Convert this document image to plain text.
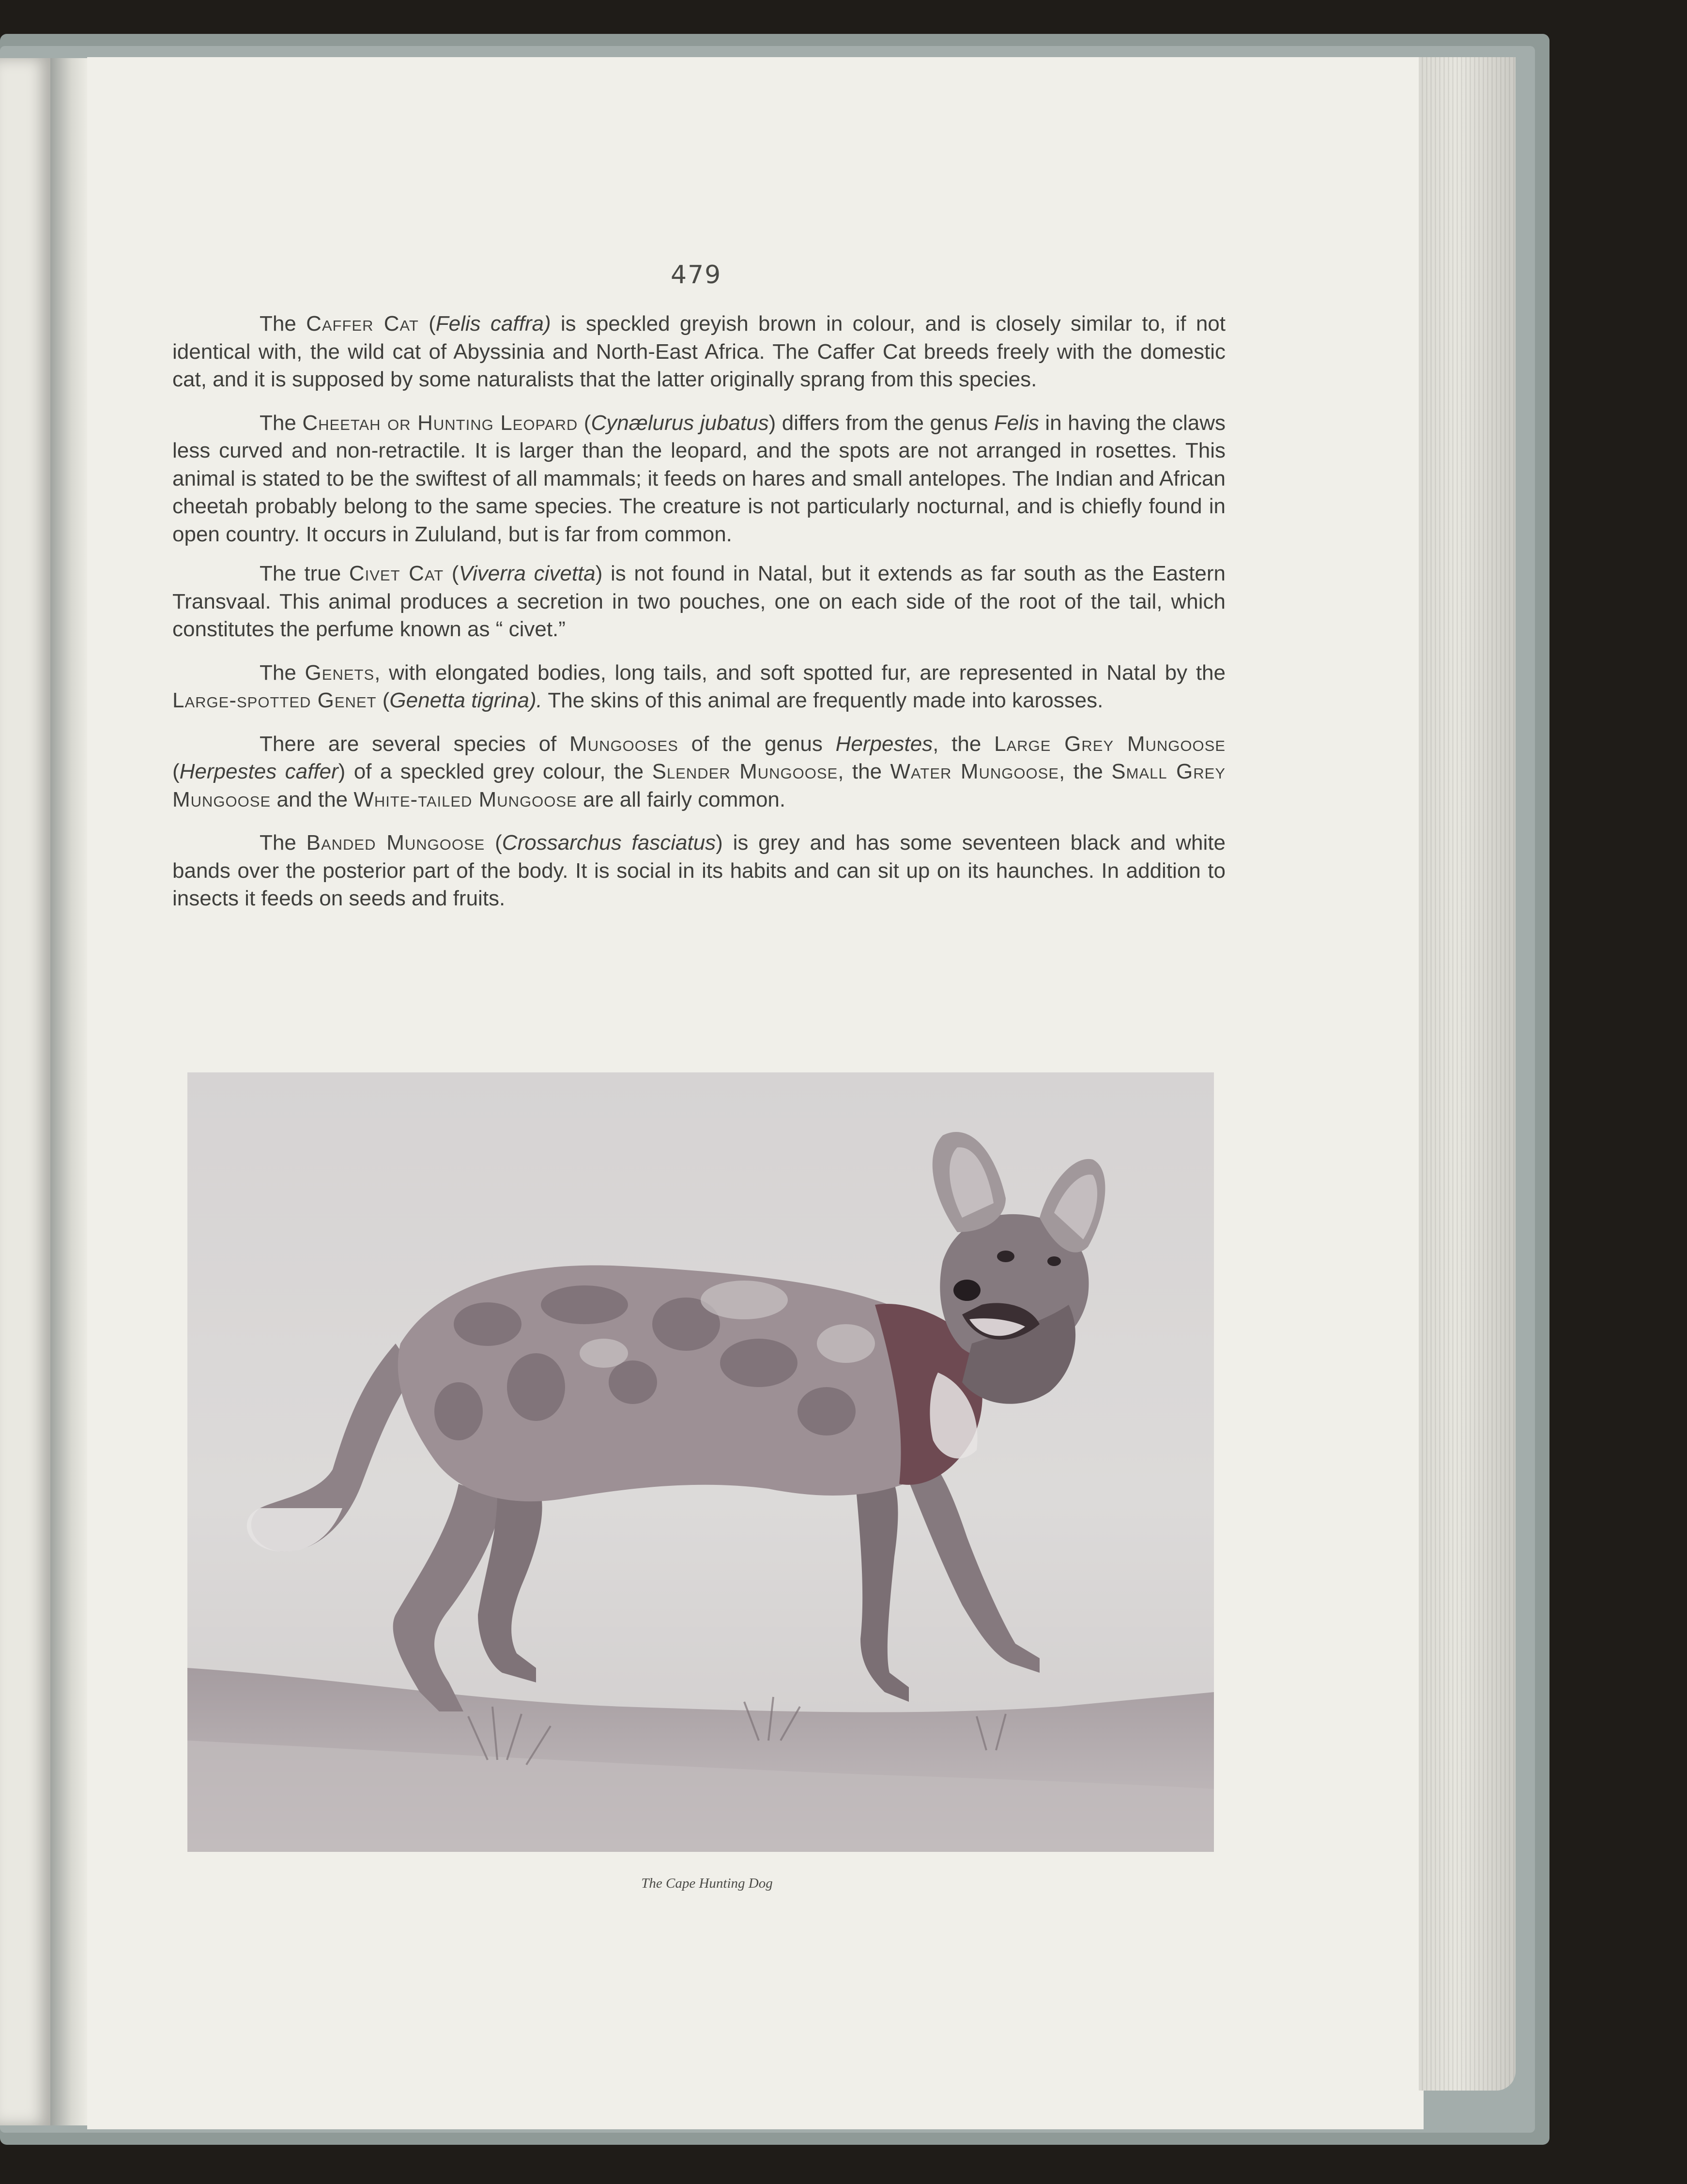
479

The Caffer Cat (Felis caffra) is speckled greyish brown in colour, and is closely similar to, if not identical with, the wild cat of Abyssinia and North-East Africa. The Caffer Cat breeds freely with the domestic cat, and it is supposed by some naturalists that the latter originally sprang from this species.

The Cheetah or Hunting Leopard (Cynælurus jubatus) differs from the genus Felis in having the claws less curved and non-retractile. It is larger than the leopard, and the spots are not arranged in rosettes. This animal is stated to be the swiftest of all mammals; it feeds on hares and small antelopes. The Indian and African cheetah probably belong to the same species. The creature is not particularly nocturnal, and is chiefly found in open country. It occurs in Zululand, but is far from common.

The true Civet Cat (Viverra civetta) is not found in Natal, but it extends as far south as the Eastern Transvaal. This animal produces a secretion in two pouches, one on each side of the root of the tail, which constitutes the perfume known as “ civet.”

The Genets, with elongated bodies, long tails, and soft spotted fur, are represented in Natal by the Large-spotted Genet (Genetta tigrina). The skins of this animal are frequently made into karosses.

There are several species of Mungooses of the genus Herpestes, the Large Grey Mungoose (Herpestes caffer) of a speckled grey colour, the Slender Mungoose, the Water Mungoose, the Small Grey Mungoose and the White-tailed Mungoose are all fairly common.

The Banded Mungoose (Crossarchus fasciatus) is grey and has some seventeen black and white bands over the posterior part of the body. It is social in its habits and can sit up on its haunches. In addition to insects it feeds on seeds and fruits.

The Cape Hunting Dog
